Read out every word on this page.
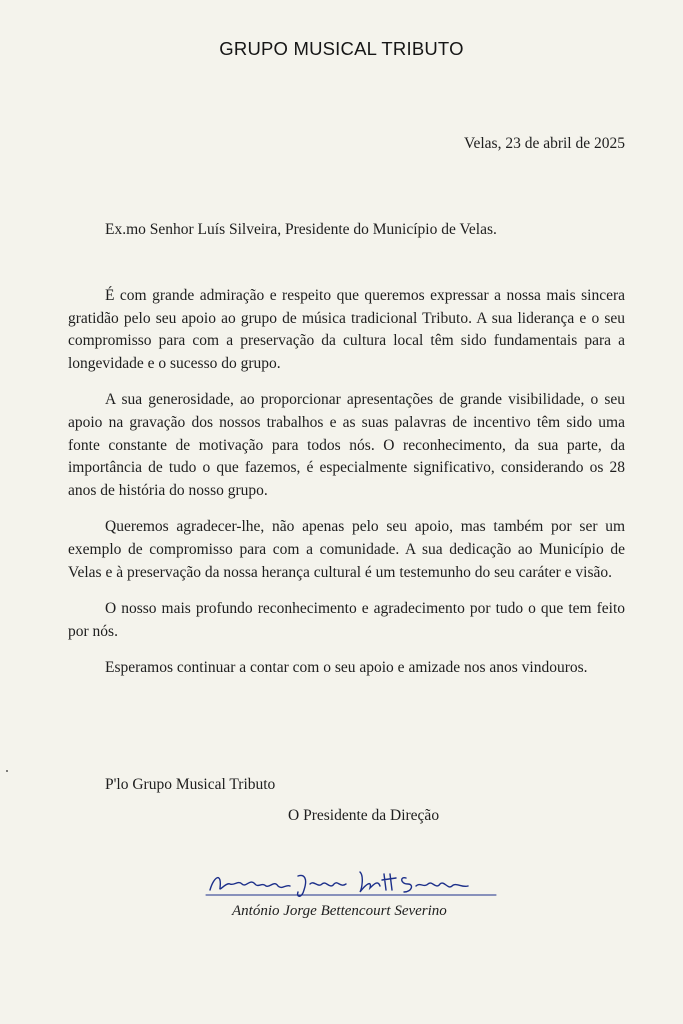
GRUPO MUSICAL TRIBUTO
Velas, 23 de abril de 2025
Ex.mo Senhor Luís Silveira, Presidente do Município de Velas.

É com grande admiração e respeito que queremos expressar a nossa mais sincera gratidão pelo seu apoio ao grupo de música tradicional Tributo. A sua liderança e o seu compromisso para com a preservação da cultura local têm sido fundamentais para a longevidade e o sucesso do grupo.

A sua generosidade, ao proporcionar apresentações de grande visibilidade, o seu apoio na gravação dos nossos trabalhos e as suas palavras de incentivo têm sido uma fonte constante de motivação para todos nós. O reconhecimento, da sua parte, da importância de tudo o que fazemos, é especialmente significativo, considerando os 28 anos de história do nosso grupo.

Queremos agradecer-lhe, não apenas pelo seu apoio, mas também por ser um exemplo de compromisso para com a comunidade. A sua dedicação ao Município de Velas e à preservação da nossa herança cultural é um testemunho do seu caráter e visão.

O nosso mais profundo reconhecimento e agradecimento por tudo o que tem feito por nós.

Esperamos continuar a contar com o seu apoio e amizade nos anos vindouros.

P'lo Grupo Musical Tributo
O Presidente da Direção
António Jorge Bettencourt Severino
